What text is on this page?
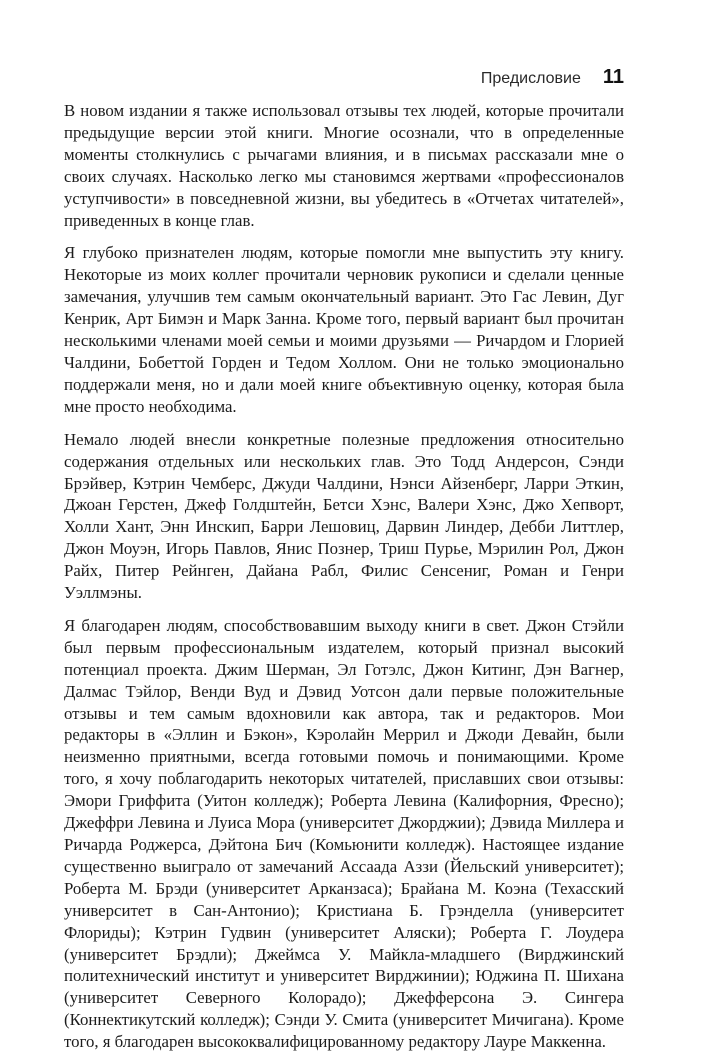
Предисловие 11

В новом издании я также использовал отзывы тех людей, которые прочитали предыдущие версии этой книги. Многие осознали, что в определенные моменты столкнулись с рычагами влияния, и в письмах рассказали мне о своих случаях. Насколько легко мы становимся жертвами «профессионалов уступчивости» в повседневной жизни, вы убедитесь в «Отчетах читателей», приведенных в конце глав.

Я глубоко признателен людям, которые помогли мне выпустить эту книгу. Некоторые из моих коллег прочитали черновик рукописи и сделали ценные замечания, улучшив тем самым окончательный вариант. Это Гас Левин, Дуг Кенрик, Арт Бимэн и Марк Занна. Кроме того, первый вариант был прочитан несколькими членами моей семьи и моими друзьями — Ричардом и Глорией Чалдини, Бобеттой Горден и Тедом Холлом. Они не только эмоционально поддержали меня, но и дали моей книге объективную оценку, которая была мне просто необходима.

Немало людей внесли конкретные полезные предложения относительно содержания отдельных или нескольких глав. Это Тодд Андерсон, Сэнди Брэйвер, Кэтрин Чемберс, Джуди Чалдини, Нэнси Айзенберг, Ларри Эткин, Джоан Герстен, Джеф Голдштейн, Бетси Хэнс, Валери Хэнс, Джо Хепворт, Холли Хант, Энн Инскип, Барри Лешовиц, Дарвин Линдер, Дебби Литтлер, Джон Моуэн, Игорь Павлов, Янис Познер, Триш Пурье, Мэрилин Рол, Джон Райх, Питер Рейнген, Дайана Рабл, Филис Сенсениг, Роман и Генри Уэллмэны.

Я благодарен людям, способствовавшим выходу книги в свет. Джон Стэйли был первым профессиональным издателем, который признал высокий потенциал проекта. Джим Шерман, Эл Готэлс, Джон Китинг, Дэн Вагнер, Далмас Тэйлор, Венди Вуд и Дэвид Уотсон дали первые положительные отзывы и тем самым вдохновили как автора, так и редакторов. Мои редакторы в «Эллин и Бэкон», Кэролайн Меррил и Джоди Девайн, были неизменно приятными, всегда готовыми помочь и понимающими. Кроме того, я хочу поблагодарить некоторых читателей, приславших свои отзывы: Эмори Гриффита (Уитон колледж); Роберта Левина (Калифорния, Фресно); Джеффри Левина и Луиса Мора (университет Джорджии); Дэвида Миллера и Ричарда Роджерса, Дэйтона Бич (Комьюнити колледж). Настоящее издание существенно выиграло от замечаний Ассаада Аззи (Йельский университет); Роберта М. Брэди (университет Арканзаса); Брайана М. Коэна (Техасский университет в Сан-Антонио); Кристиана Б. Грэнделла (университет Флориды); Кэтрин Гудвин (университет Аляски); Роберта Г. Лоудера (университет Брэдли); Джеймса У. Майкла-младшего (Вирджинский политехнический институт и университет Вирджинии); Юджина П. Шихана (университет Северного Колорадо); Джефферсона Э. Сингера (Коннектикутский колледж); Сэнди У. Смита (университет Мичигана). Кроме того, я благодарен высококвалифицированному редактору Лауре Маккенна.
